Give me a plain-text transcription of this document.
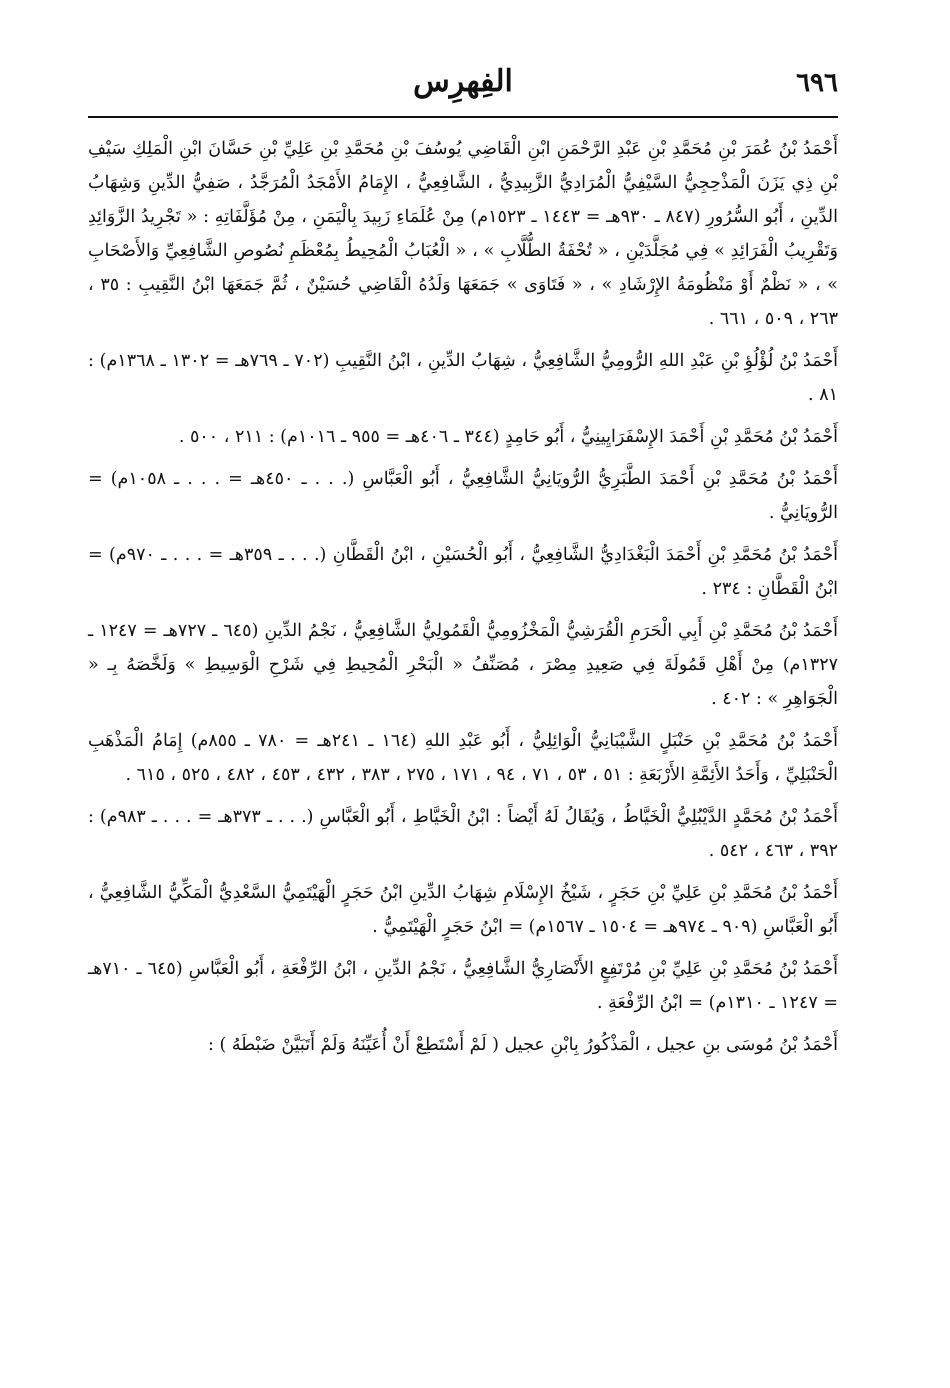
٦٩٦
الفِهرِس

أَحْمَدُ بْنُ عُمَرَ بْنِ مُحَمَّدِ بْنِ عَبْدِ الرَّحْمَنِ ابْنِ الْقَاضِي يُوسُفَ بْنِ مُحَمَّدِ بْنِ عَلِيِّ بْنِ حَسَّانَ ابْنِ الْمَلِكِ سَيْفِ بْنِ ذِي يَزَنَ الْمَذْحِجِيُّ السَّيْفِيُّ الْمُرَادِيُّ الزَّبِيدِيُّ ، الشَّافِعِيُّ ، الإِمَامُ الأَمْجَدُ الْمُرَجَّدُ ، صَفِيُّ الدِّينِ وَشِهَابُ الدِّينِ ، أَبُو السُّرُورِ (٨٤٧ ـ ٩٣٠هـ = ١٤٤٣ ـ ١٥٢٣م) مِنْ عُلَمَاءِ زَبِيدَ بِالْيَمَنِ ، مِنْ مُؤَلَّفَاتِهِ : « تَجْرِيدُ الزَّوَائِدِ وَتَقْرِيبُ الْفَرَائِدِ » فِي مُجَلَّدَيْنِ ، « تُحْفَةُ الطُّلَّابِ » ، « الْعُبَابُ الْمُحِيطُ بِمُعْظَمِ نُصُوصِ الشَّافِعِيِّ وَالأَصْحَابِ » ، « نَظْمٌ أَوْ مَنْظُومَةُ الإِرْشَادِ » ، « فَتَاوَى » جَمَعَهَا وَلَدُهُ الْقَاضِي حُسَيْنٌ ، ثُمَّ جَمَعَهَا ابْنُ النَّقِيبِ : ٣٥ ، ٢٦٣ ، ٥٠٩ ، ٦٦١ .

أَحْمَدُ بْنُ لُؤْلُؤِ بْنِ عَبْدِ اللهِ الرُّومِيُّ الشَّافِعِيُّ ، شِهَابُ الدِّينِ ، ابْنُ النَّقِيبِ (٧٠٢ ـ ٧٦٩هـ = ١٣٠٢ ـ ١٣٦٨م) : ٨١ .

أَحْمَدُ بْنُ مُحَمَّدِ بْنِ أَحْمَدَ الإِسْفَرَايِينِيُّ ، أَبُو حَامِدٍ (٣٤٤ ـ ٤٠٦هـ = ٩٥٥ ـ ١٠١٦م) : ٢١١ ، ٥٠٠ .

أَحْمَدُ بْنُ مُحَمَّدِ بْنِ أَحْمَدَ الطَّبَرِيُّ الرُّويَانِيُّ الشَّافِعِيُّ ، أَبُو الْعَبَّاسِ (. . . ـ ٤٥٠هـ = . . . ـ ١٠٥٨م) = الرُّويَانِيُّ .

أَحْمَدُ بْنُ مُحَمَّدِ بْنِ أَحْمَدَ الْبَغْدَادِيُّ الشَّافِعِيُّ ، أَبُو الْحُسَيْنِ ، ابْنُ الْقَطَّانِ (. . . ـ ٣٥٩هـ = . . . ـ ٩٧٠م) = ابْنُ الْقَطَّانِ : ٢٣٤ .

أَحْمَدُ بْنُ مُحَمَّدِ بْنِ أَبِي الْحَرَمِ الْقُرَشِيُّ الْمَخْزُومِيُّ الْقَمُولِيُّ الشَّافِعِيُّ ، نَجْمُ الدِّينِ (٦٤٥ ـ ٧٢٧هـ = ١٢٤٧ ـ ١٣٢٧م) مِنْ أَهْلِ قَمُولَةَ فِي صَعِيدِ مِصْرَ ، مُصَنِّفُ « الْبَحْرِ الْمُحِيطِ فِي شَرْحِ الْوَسِيطِ » وَلَخَّصَهُ بِـ « الْجَوَاهِرِ » : ٤٠٢ .

أَحْمَدُ بْنُ مُحَمَّدِ بْنِ حَنْبَلٍ الشَّيْبَانِيُّ الْوَائِلِيُّ ، أَبُو عَبْدِ اللهِ (١٦٤ ـ ٢٤١هـ = ٧٨٠ ـ ٨٥٥م) إِمَامُ الْمَذْهَبِ الْحَنْبَلِيِّ ، وَأَحَدُ الأَئِمَّةِ الأَرْبَعَةِ : ٥١ ، ٥٣ ، ٧١ ، ٩٤ ، ١٧١ ، ٢٧٥ ، ٣٨٣ ، ٤٣٢ ، ٤٥٣ ، ٤٨٢ ، ٥٢٥ ، ٦١٥ .

أَحْمَدُ بْنُ مُحَمَّدٍ الدَّيْبُلِيُّ الْخَيَّاطُ ، وَيُقَالُ لَهُ أَيْضاً : ابْنُ الْخَيَّاطِ ، أَبُو الْعَبَّاسِ (. . . ـ ٣٧٣هـ = . . . ـ ٩٨٣م) : ٣٩٢ ، ٤٦٣ ، ٥٤٢ .

أَحْمَدُ بْنُ مُحَمَّدِ بْنِ عَلِيِّ بْنِ حَجَرٍ ، شَيْخُ الإِسْلَامِ شِهَابُ الدِّينِ ابْنُ حَجَرٍ الْهَيْتَمِيُّ السَّعْدِيُّ الْمَكِّيُّ الشَّافِعِيُّ ، أَبُو الْعَبَّاسِ (٩٠٩ ـ ٩٧٤هـ = ١٥٠٤ ـ ١٥٦٧م) = ابْنُ حَجَرٍ الْهَيْتَمِيُّ .

أَحْمَدُ بْنُ مُحَمَّدِ بْنِ عَلِيِّ بْنِ مُرْتَفِعٍ الأَنْصَارِيُّ الشَّافِعِيُّ ، نَجْمُ الدِّينِ ، ابْنُ الرِّفْعَةِ ، أَبُو الْعَبَّاسِ (٦٤٥ ـ ٧١٠هـ = ١٢٤٧ ـ ١٣١٠م) = ابْنُ الرِّفْعَةِ .

أَحْمَدُ بْنُ مُوسَى بنِ عجيل ، الْمَذْكُورُ بِابْنِ عجيل ( لَمْ أَسْتَطِعْ أَنْ أُعَيِّنَهُ وَلَمْ أَتَبَيَّنْ ضَبْطَهُ ) :
